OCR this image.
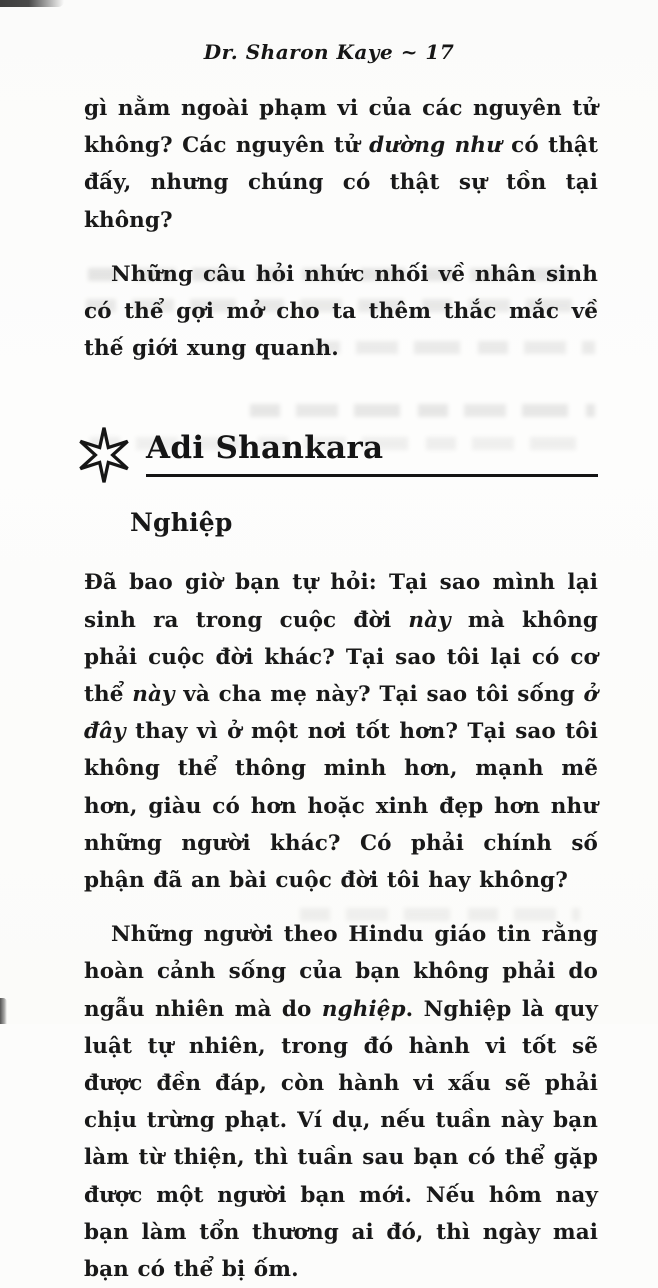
Dr. Sharon Kaye ~ 17

gì nằm ngoài phạm vi của các nguyên tử không? Các nguyên tử dường như có thật đấy, nhưng chúng có thật sự tồn tại không?

Những câu hỏi nhức nhối về nhân sinh có thể gợi mở cho ta thêm thắc mắc về thế giới xung quanh.

Adi Shankara
Nghiệp

Đã bao giờ bạn tự hỏi: Tại sao mình lại sinh ra trong cuộc đời này mà không phải cuộc đời khác? Tại sao tôi lại có cơ thể này và cha mẹ này? Tại sao tôi sống ở đây thay vì ở một nơi tốt hơn? Tại sao tôi không thể thông minh hơn, mạnh mẽ hơn, giàu có hơn hoặc xinh đẹp hơn như những người khác? Có phải chính số phận đã an bài cuộc đời tôi hay không?

Những người theo Hindu giáo tin rằng hoàn cảnh sống của bạn không phải do ngẫu nhiên mà do nghiệp. Nghiệp là quy luật tự nhiên, trong đó hành vi tốt sẽ được đền đáp, còn hành vi xấu sẽ phải chịu trừng phạt. Ví dụ, nếu tuần này bạn làm từ thiện, thì tuần sau bạn có thể gặp được một người bạn mới. Nếu hôm nay bạn làm tổn thương ai đó, thì ngày mai bạn có thể bị ốm.
